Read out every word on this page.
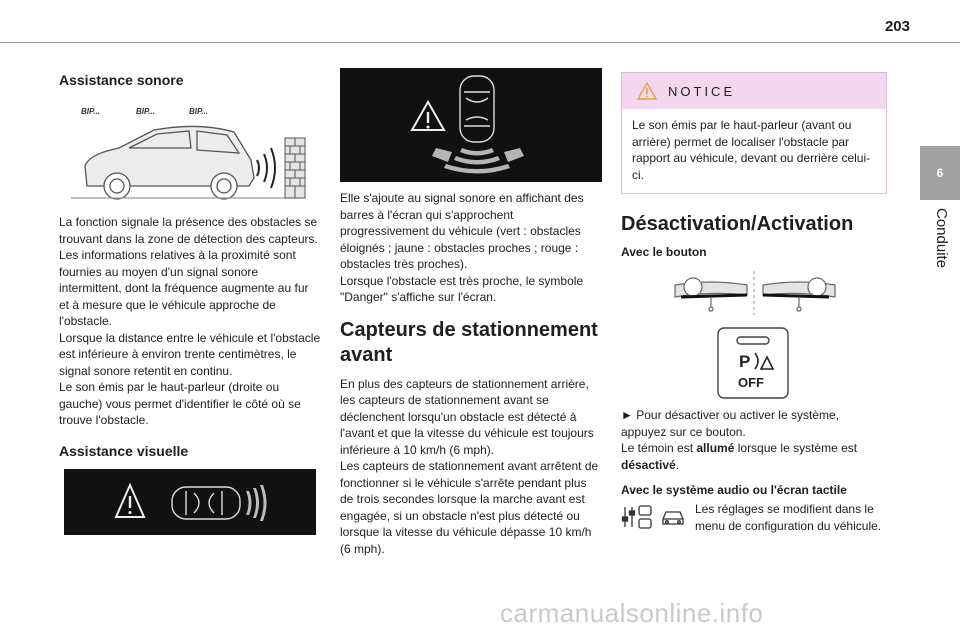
203
6
Conduite
Assistance sonore
BIP...	BIP...	BIP...
La fonction signale la présence des obstacles se trouvant dans la zone de détection des capteurs.
Les informations relatives à la proximité sont fournies au moyen d'un signal sonore intermittent, dont la fréquence augmente au fur et à mesure que le véhicule approche de l'obstacle.
Lorsque la distance entre le véhicule et l'obstacle est inférieure à environ trente centimètres, le signal sonore retentit en continu.
Le son émis par le haut-parleur (droite ou gauche) vous permet d'identifier le côté où se trouve l'obstacle.
Assistance visuelle
Elle s'ajoute au signal sonore en affichant des barres à l'écran qui s'approchent progressivement du véhicule (vert : obstacles éloignés ; jaune : obstacles proches ; rouge : obstacles très proches).
Lorsque l'obstacle est très proche, le symbole "Danger" s'affiche sur l'écran.
Capteurs de stationnement avant
En plus des capteurs de stationnement arrière, les capteurs de stationnement avant se déclenchent lorsqu'un obstacle est détecté à l'avant et que la vitesse du véhicule est toujours inférieure à 10 km/h (6 mph).
Les capteurs de stationnement avant arrêtent de fonctionner si le véhicule s'arrête pendant plus de trois secondes lorsque la marche avant est engagée, si un obstacle n'est plus détecté ou lorsque la vitesse du véhicule dépasse 10 km/h (6 mph).
NOTICE
Le son émis par le haut-parleur (avant ou arrière) permet de localiser l'obstacle par rapport au véhicule, devant ou derrière celui-ci.
Désactivation/Activation
Avec le bouton
P
OFF
► Pour désactiver ou activer le système, appuyez sur ce bouton.
Le témoin est allumé lorsque le système est désactivé.
Avec le système audio ou l'écran tactile
Les réglages se modifient dans le menu de configuration du véhicule.
carmanualsonline.info
